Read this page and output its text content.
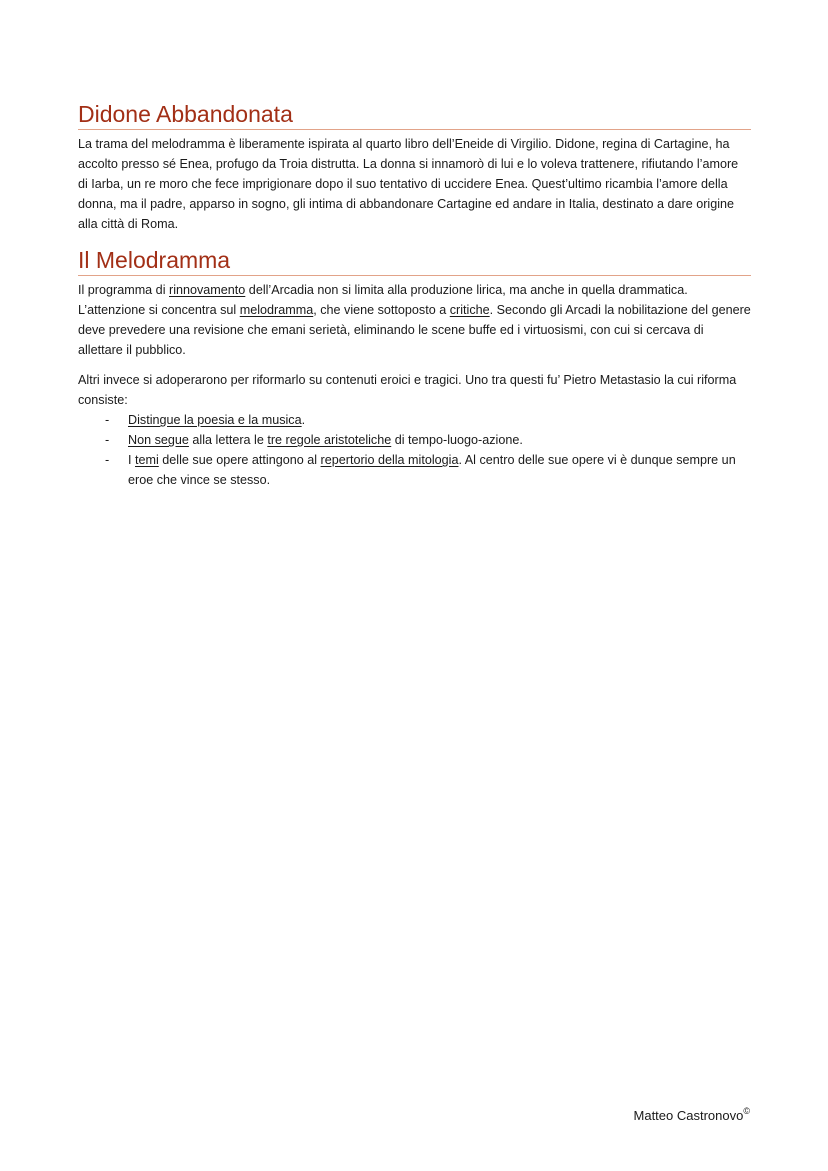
Didone Abbandonata

La trama del melodramma è liberamente ispirata al quarto libro dell’Eneide di Virgilio. Didone, regina di Cartagine, ha accolto presso sé Enea, profugo da Troia distrutta. La donna si innamorò di lui e lo voleva trattenere, rifiutando l’amore di Iarba, un re moro che fece imprigionare dopo il suo tentativo di uccidere Enea. Quest’ultimo ricambia l’amore della donna, ma il padre, apparso in sogno, gli intima di abbandonare Cartagine ed andare in Italia, destinato a dare origine alla città di Roma.

Il Melodramma

Il programma di rinnovamento dell’Arcadia non si limita alla produzione lirica, ma anche in quella drammatica. L’attenzione si concentra sul melodramma, che viene sottoposto a critiche. Secondo gli Arcadi la nobilitazione del genere deve prevedere una revisione che emani serietà, eliminando le scene buffe ed i virtuosismi, con cui si cercava di allettare il pubblico.

Altri invece si adoperarono per riformarlo su contenuti eroici e tragici. Uno tra questi fu’ Pietro Metastasio la cui riforma consiste:

- Distingue la poesia e la musica.
- Non segue alla lettera le tre regole aristoteliche di tempo-luogo-azione.
- I temi delle sue opere attingono al repertorio della mitologia. Al centro delle sue opere vi è dunque sempre un eroe che vince se stesso.
Matteo Castronovo©
